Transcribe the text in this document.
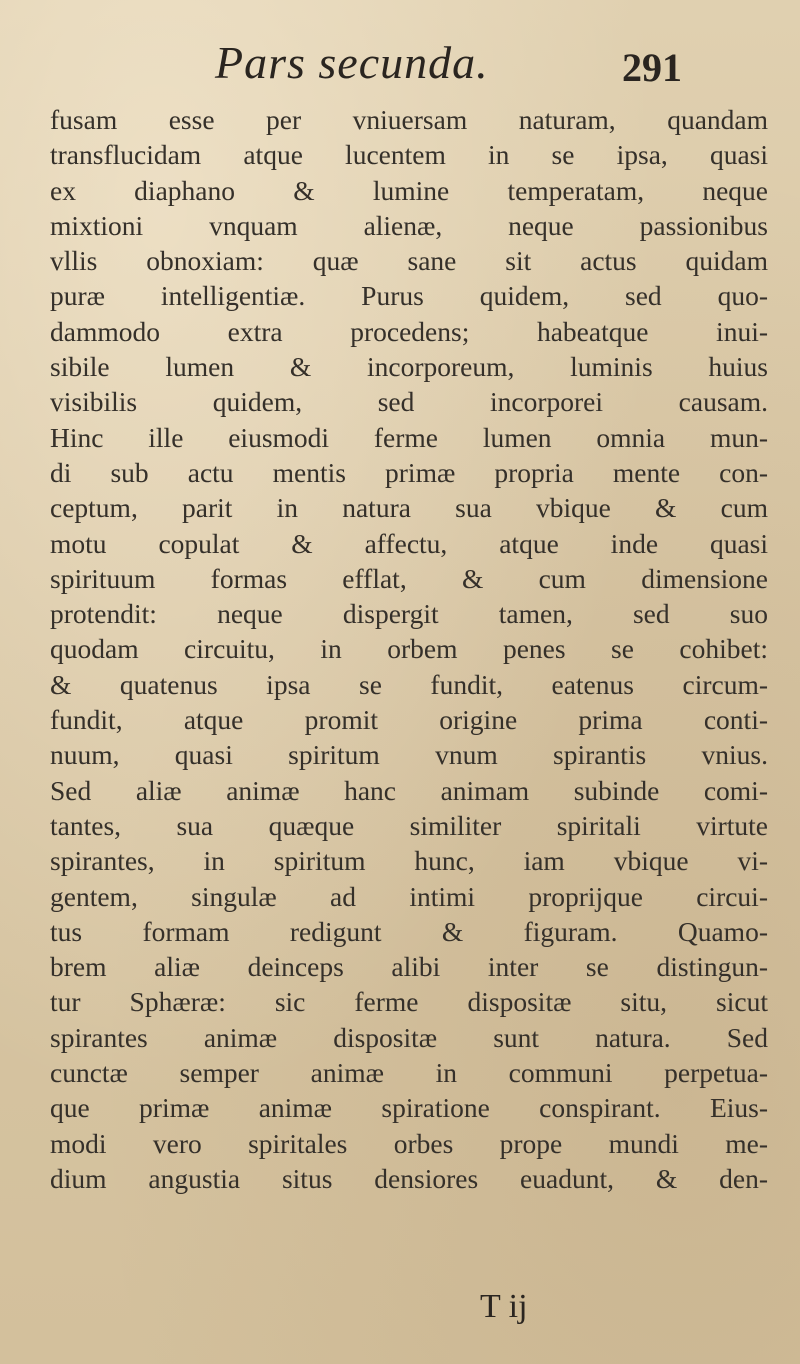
Pars secunda.	291
fusam esse per vniuersam naturam, quandam
transflucidam atque lucentem in se ipsa, quasi
ex diaphano & lumine temperatam, neque
mixtioni vnquam alienæ, neque passionibus
vllis obnoxiam: quæ sane sit actus quidam
puræ intelligentiæ. Purus quidem, sed quo-
dammodo extra procedens; habeatque inui-
sibile lumen & incorporeum, luminis huius
visibilis quidem, sed incorporei causam.
Hinc ille eiusmodi ferme lumen omnia mun-
di sub actu mentis primæ propria mente con-
ceptum, parit in natura sua vbique & cum
motu copulat & affectu, atque inde quasi
spirituum formas efflat, & cum dimensione
protendit: neque dispergit tamen, sed suo
quodam circuitu, in orbem penes se cohibet:
& quatenus ipsa se fundit, eatenus circum-
fundit, atque promit origine prima conti-
nuum, quasi spiritum vnum spirantis vnius.
Sed aliæ animæ hanc animam subinde comi-
tantes, sua quæque similiter spiritali virtute
spirantes, in spiritum hunc, iam vbique vi-
gentem, singulæ ad intimi proprijque circui-
tus formam redigunt & figuram. Quamo-
brem aliæ deinceps alibi inter se distingun-
tur Sphæræ: sic ferme dispositæ situ, sicut
spirantes animæ dispositæ sunt natura. Sed
cunctæ semper animæ in communi perpetua-
que primæ animæ spiratione conspirant. Eius-
modi vero spiritales orbes prope mundi me-
dium angustia situs densiores euadunt, & den-
T ij
